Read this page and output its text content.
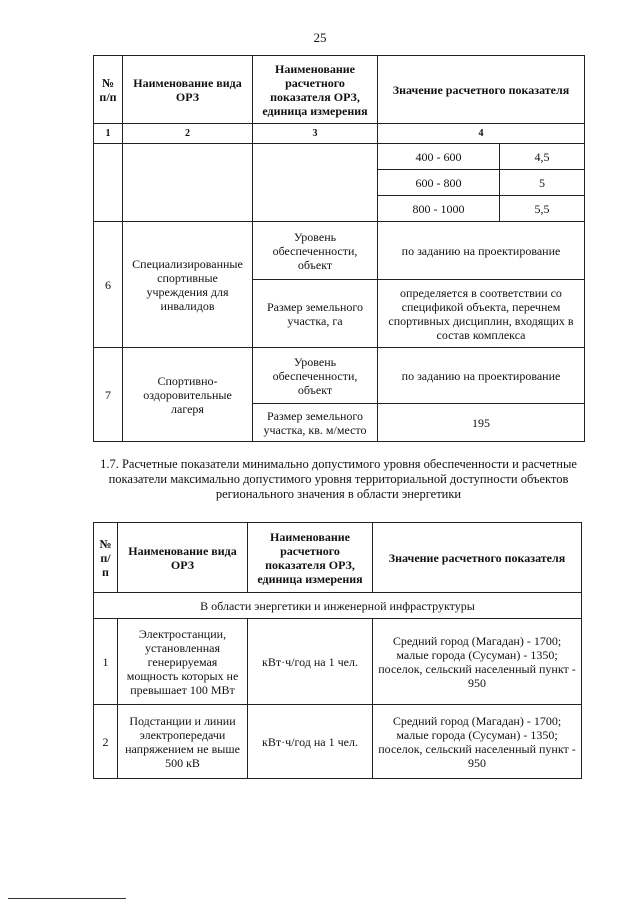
25
№ п/п	Наименование вида ОРЗ	Наименование расчетного показателя ОРЗ, единица измерения	Значение расчетного показателя	
1	2	3	4	
			400 - 600	4,5
			600 - 800	5
			800 - 1000	5,5
6	Специализированные спортивные учреждения для инвалидов	Уровень обеспеченности, объект	по заданию на проектирование	
		Размер земельного участка, га	определяется в соответствии со спецификой объекта, перечнем спортивных дисциплин, входящих в состав комплекса	
7	Спортивно-оздоровительные лагеря	Уровень обеспеченности, объект	по заданию на проектирование	
		Размер земельного участка, кв. м/место	195	
1.7. Расчетные показатели минимально допустимого уровня обеспеченности и расчетные показатели максимально допустимого уровня территориальной доступности объектов регионального значения в области энергетики
№ п/п	Наименование вида ОРЗ	Наименование расчетного показателя ОРЗ, единица измерения	Значение расчетного показателя
В области энергетики и инженерной инфраструктуры			
1	Электростанции, установленная генерируемая мощность которых не превышает 100 МВт	кВт·ч/год на 1 чел.	Средний город (Магадан) - 1700; малые города (Сусуман) - 1350; поселок, сельский населенный пункт - 950
2	Подстанции и линии электропередачи напряжением не выше 500 кВ	кВт·ч/год на 1 чел.	Средний город (Магадан) - 1700; малые города (Сусуман) - 1350; поселок, сельский населенный пункт - 950
